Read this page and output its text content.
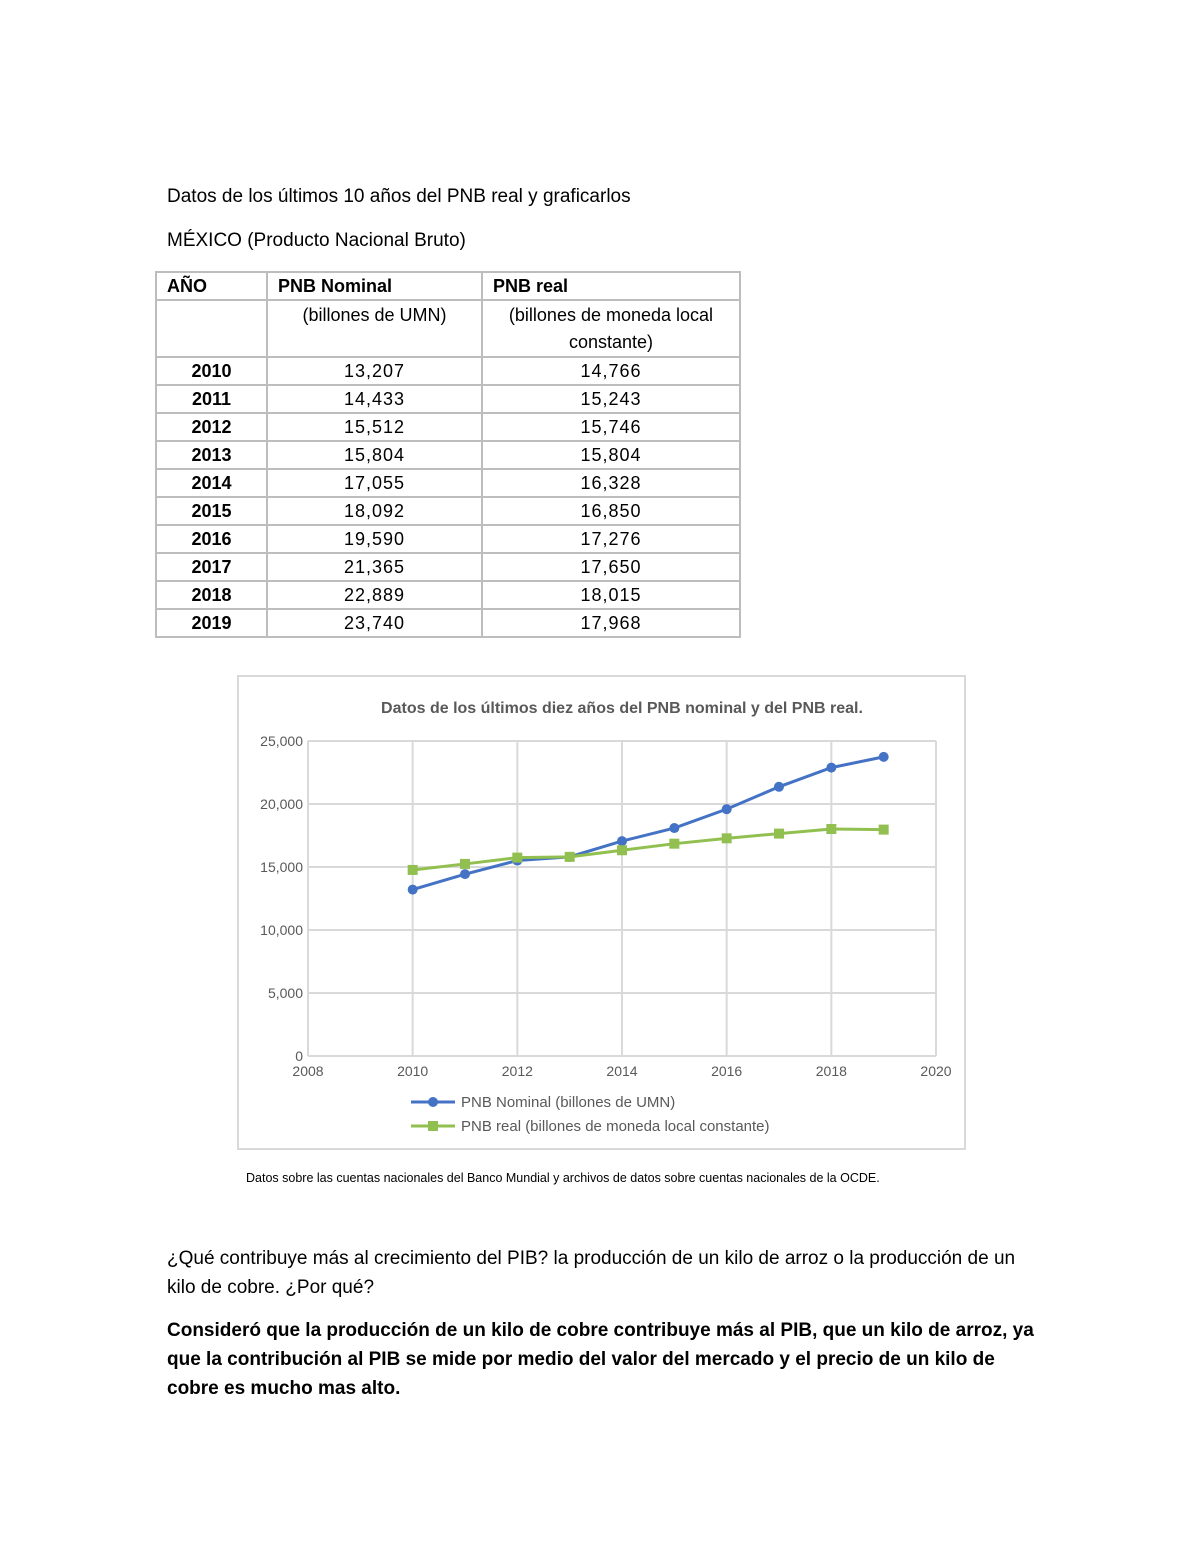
Datos de los últimos 10 años del PNB real y graficarlos
MÉXICO (Producto Nacional Bruto)
AÑO	PNB Nominal	PNB real
	(billones de UMN)	(billones de moneda local constante)
2010	13,207	14,766
2011	14,433	15,243
2012	15,512	15,746
2013	15,804	15,804
2014	17,055	16,328
2015	18,092	16,850
2016	19,590	17,276
2017	21,365	17,650
2018	22,889	18,015
2019	23,740	17,968
Datos de los últimos diez años del PNB nominal y del PNB real.
0
5,000
10,000
15,000
20,000
25,000
2008	2010	2012	2014	2016	2018	2020
PNB Nominal (billones de UMN)
PNB real (billones de moneda local constante)
Datos sobre las cuentas nacionales del Banco Mundial y archivos de datos sobre cuentas nacionales de la OCDE.
¿Qué contribuye más al crecimiento del PIB? la producción de un kilo de arroz o la producción de un kilo de cobre. ¿Por qué?
Consideró que la producción de un kilo de cobre contribuye más al PIB, que un kilo de arroz, ya que la contribución al PIB se mide por medio del valor del mercado y el precio de un kilo de cobre es mucho mas alto.
